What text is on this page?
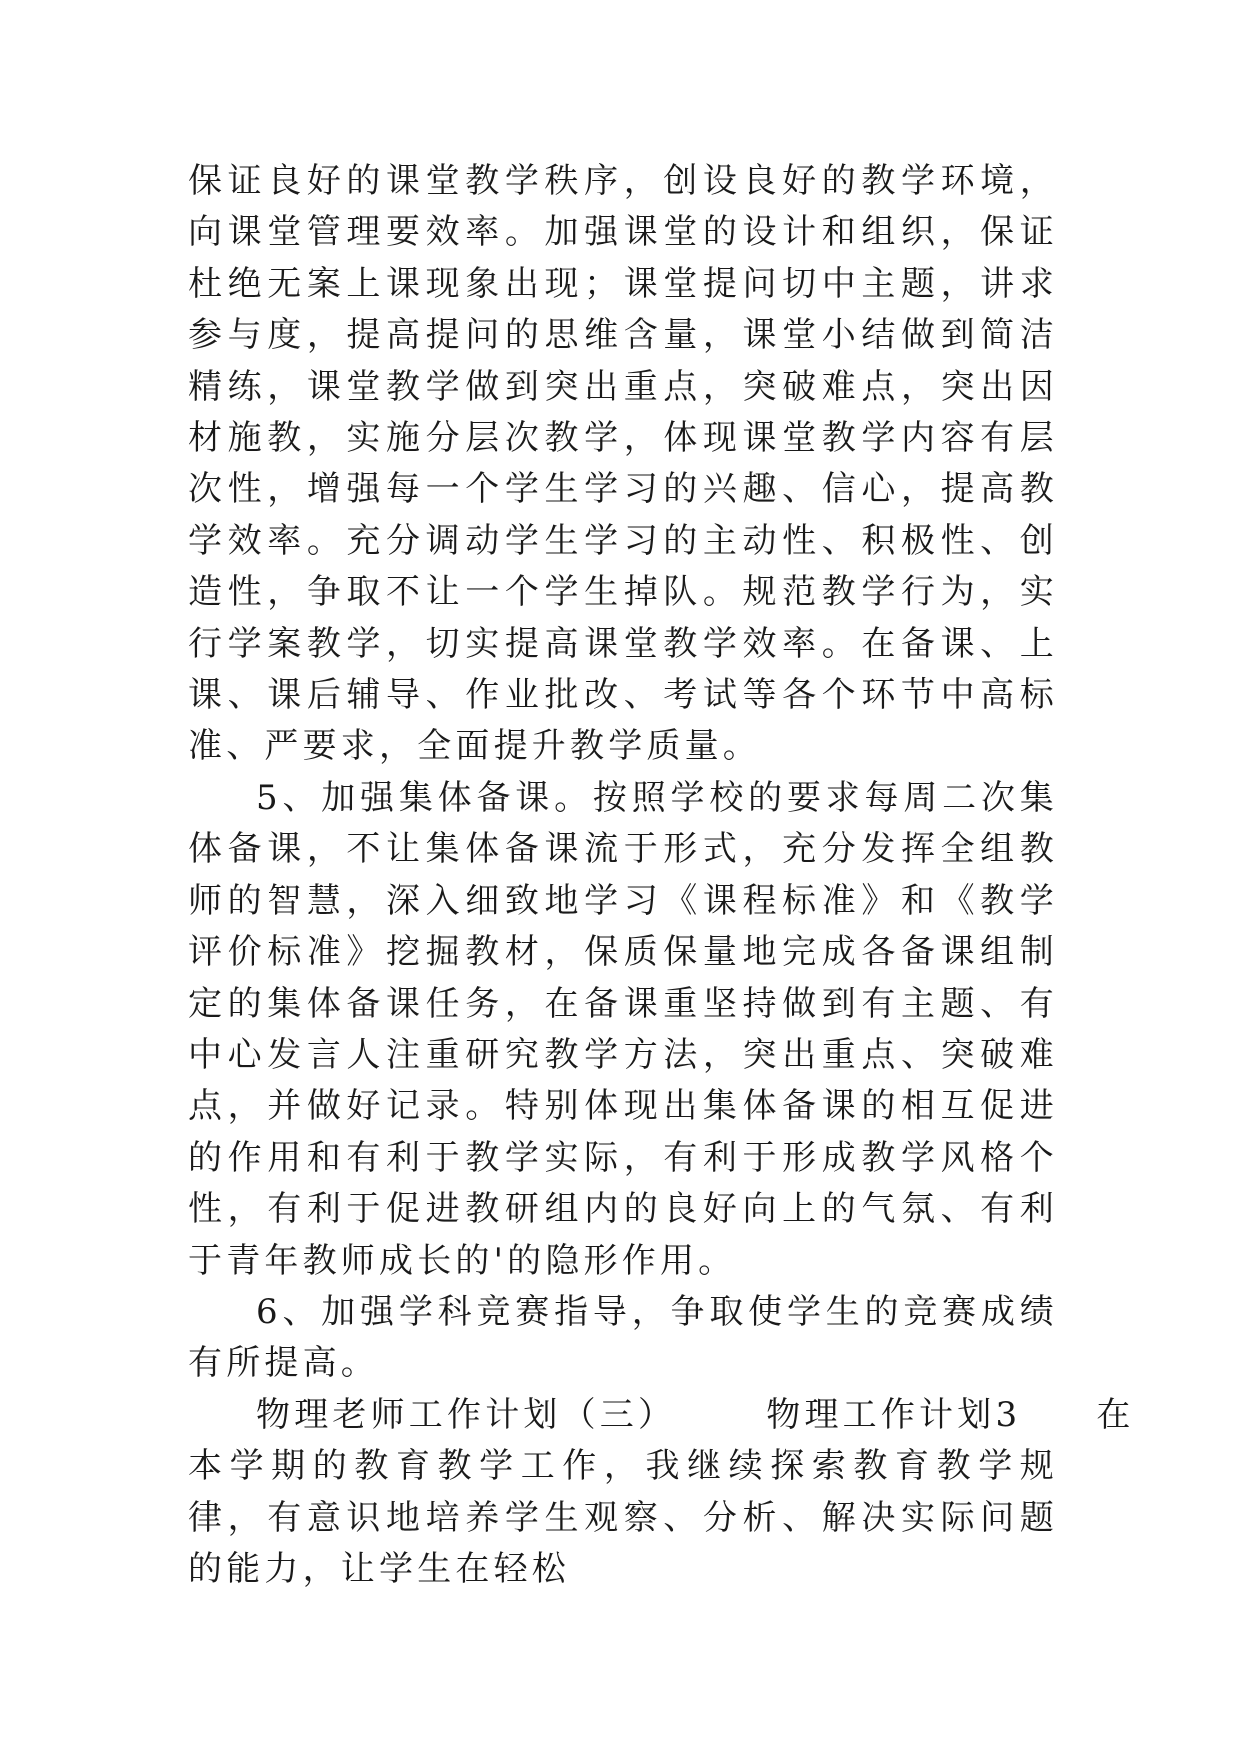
保证良好的课堂教学秩序，创设良好的教学环境，向课堂管理要效率。加强课堂的设计和组织，保证杜绝无案上课现象出现；课堂提问切中主题，讲求参与度，提高提问的思维含量，课堂小结做到简洁精练，课堂教学做到突出重点，突破难点，突出因材施教，实施分层次教学，体现课堂教学内容有层次性，增强每一个学生学习的兴趣、信心，提高教学效率。充分调动学生学习的主动性、积极性、创造性，争取不让一个学生掉队。规范教学行为，实行学案教学，切实提高课堂教学效率。在备课、上课、课后辅导、作业批改、考试等各个环节中高标准、严要求，全面提升教学质量。

5、加强集体备课。按照学校的要求每周二次集体备课，不让集体备课流于形式，充分发挥全组教师的智慧，深入细致地学习《课程标准》和《教学评价标准》挖掘教材，保质保量地完成各备课组制定的集体备课任务，在备课重坚持做到有主题、有中心发言人注重研究教学方法，突出重点、突破难点，并做好记录。特别体现出集体备课的相互促进的作用和有利于教学实际，有利于形成教学风格个性，有利于促进教研组内的良好向上的气氛、有利于青年教师成长的'的隐形作用。

6、加强学科竞赛指导，争取使学生的竞赛成绩有所提高。

物理老师工作计划（三）	物理工作计划3 在本学期的教育教学工作，我继续探索教育教学规律，有意识地培养学生观察、分析、解决实际问题的能力，让学生在轻松
